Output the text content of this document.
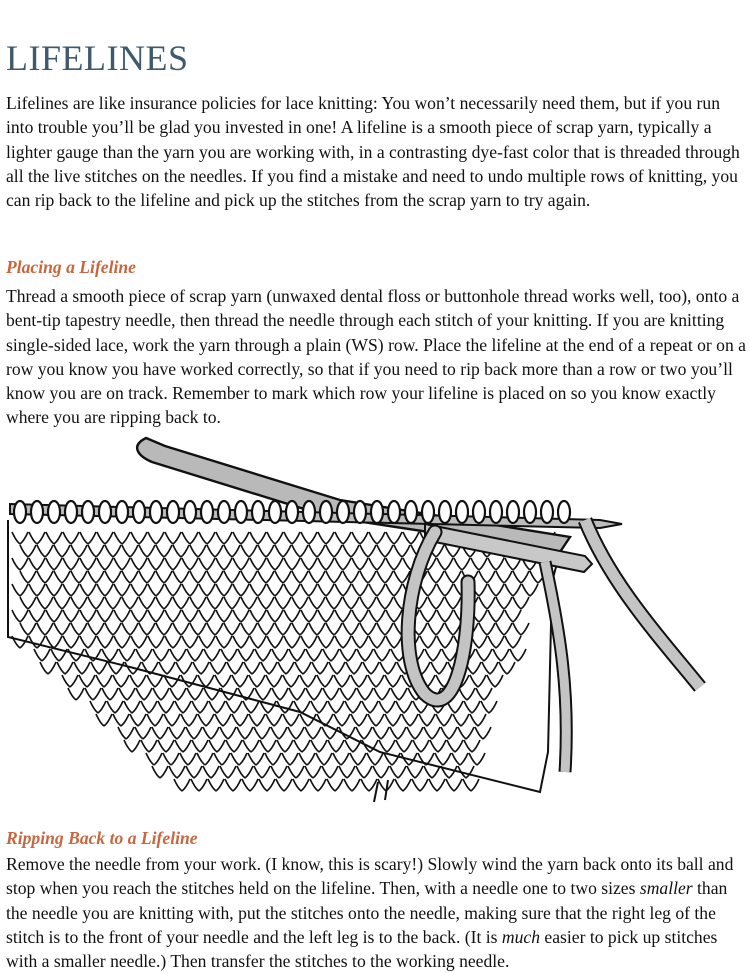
LIFELINES

Lifelines are like insurance policies for lace knitting: You won’t necessarily need them, but if you run into trouble you’ll be glad you invested in one! A lifeline is a smooth piece of scrap yarn, typically a lighter gauge than the yarn you are working with, in a contrasting dye-fast color that is threaded through all the live stitches on the needles. If you find a mistake and need to undo multiple rows of knitting, you can rip back to the lifeline and pick up the stitches from the scrap yarn to try again.

Placing a Lifeline

Thread a smooth piece of scrap yarn (unwaxed dental floss or buttonhole thread works well, too), onto a bent-tip tapestry needle, then thread the needle through each stitch of your knitting. If you are knitting single-sided lace, work the yarn through a plain (WS) row. Place the lifeline at the end of a repeat or on a row you know you have worked correctly, so that if you need to rip back more than a row or two you’ll know you are on track. Remember to mark which row your lifeline is placed on so you know exactly where you are ripping back to.

Ripping Back to a Lifeline

Remove the needle from your work. (I know, this is scary!) Slowly wind the yarn back onto its ball and stop when you reach the stitches held on the lifeline. Then, with a needle one to two sizes smaller than the needle you are knitting with, put the stitches onto the needle, making sure that the right leg of the stitch is to the front of your needle and the left leg is to the back. (It is much easier to pick up stitches with a smaller needle.) Then transfer the stitches to the working needle.
